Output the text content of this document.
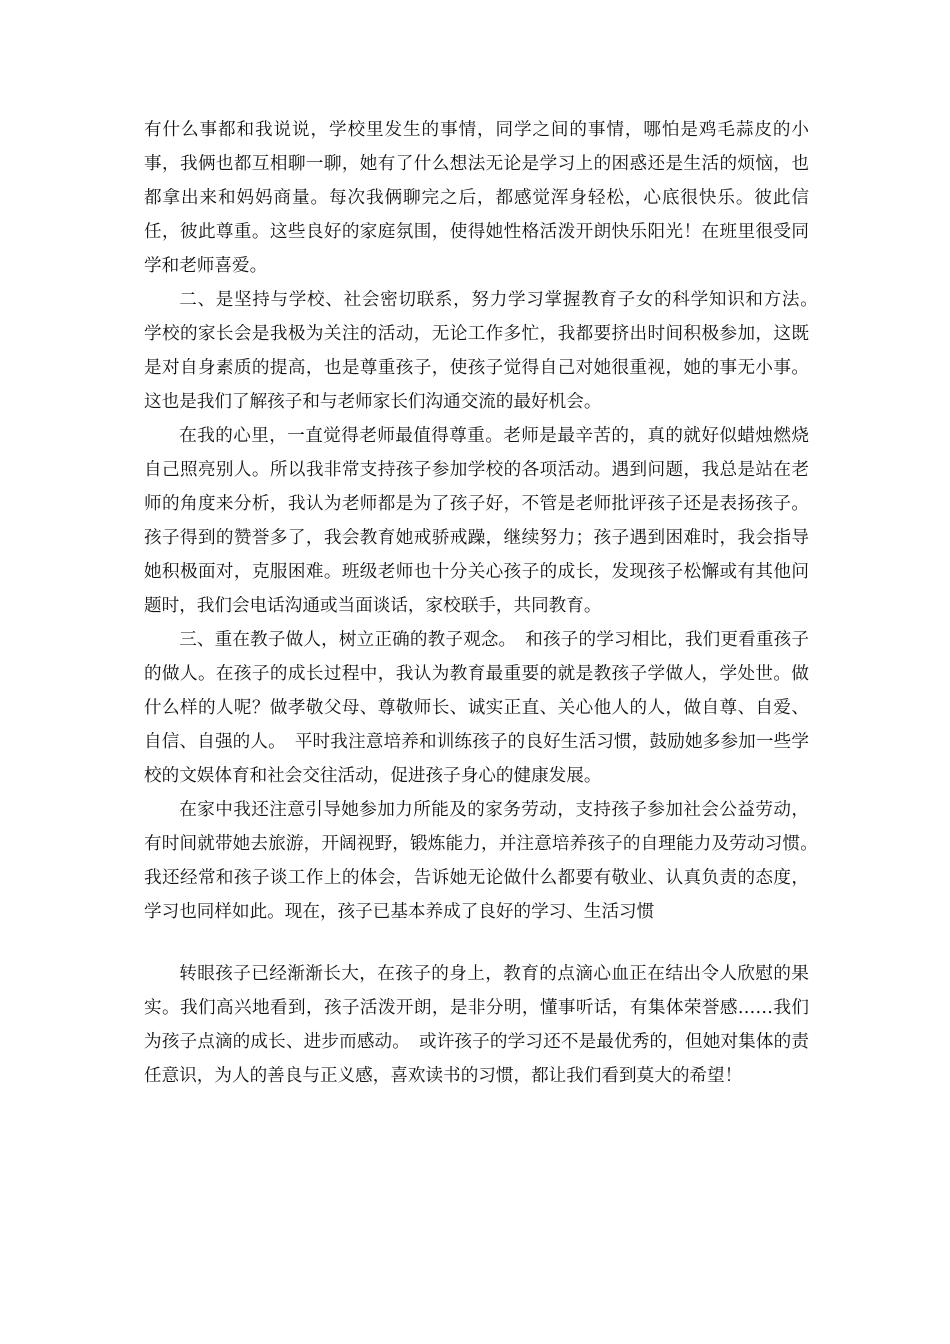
有什么事都和我说说，学校里发生的事情，同学之间的事情，哪怕是鸡毛蒜皮的小事，我俩也都互相聊一聊，她有了什么想法无论是学习上的困惑还是生活的烦恼，也都拿出来和妈妈商量。每次我俩聊完之后，都感觉浑身轻松，心底很快乐。彼此信任，彼此尊重。这些良好的家庭氛围，使得她性格活泼开朗快乐阳光！在班里很受同学和老师喜爱。

二、是坚持与学校、社会密切联系，努力学习掌握教育子女的科学知识和方法。　学校的家长会是我极为关注的活动，无论工作多忙，我都要挤出时间积极参加，这既是对自身素质的提高，也是尊重孩子，使孩子觉得自己对她很重视，她的事无小事。这也是我们了解孩子和与老师家长们沟通交流的最好机会。

在我的心里，一直觉得老师最值得尊重。老师是最辛苦的，真的就好似蜡烛燃烧自己照亮别人。所以我非常支持孩子参加学校的各项活动。遇到问题，我总是站在老师的角度来分析，我认为老师都是为了孩子好，不管是老师批评孩子还是表扬孩子。孩子得到的赞誉多了，我会教育她戒骄戒躁，继续努力；孩子遇到困难时，我会指导她积极面对，克服困难。班级老师也十分关心孩子的成长，发现孩子松懈或有其他问题时，我们会电话沟通或当面谈话，家校联手，共同教育。

三、重在教子做人，树立正确的教子观念。　和孩子的学习相比，我们更看重孩子的做人。在孩子的成长过程中，我认为教育最重要的就是教孩子学做人，学处世。做什么样的人呢？做孝敬父母、尊敬师长、诚实正直、关心他人的人，做自尊、自爱、自信、自强的人。　平时我注意培养和训练孩子的良好生活习惯，鼓励她多参加一些学校的文娱体育和社会交往活动，促进孩子身心的健康发展。

在家中我还注意引导她参加力所能及的家务劳动，支持孩子参加社会公益劳动，有时间就带她去旅游，开阔视野，锻炼能力，并注意培养孩子的自理能力及劳动习惯。　我还经常和孩子谈工作上的体会，告诉她无论做什么都要有敬业、认真负责的态度，学习也同样如此。现在，孩子已基本养成了良好的学习、生活习惯

转眼孩子已经渐渐长大，在孩子的身上，教育的点滴心血正在结出令人欣慰的果实。我们高兴地看到，孩子活泼开朗，是非分明，懂事听话，有集体荣誉感……我们为孩子点滴的成长、进步而感动。　或许孩子的学习还不是最优秀的，但她对集体的责任意识，为人的善良与正义感，喜欢读书的习惯，都让我们看到莫大的希望！
